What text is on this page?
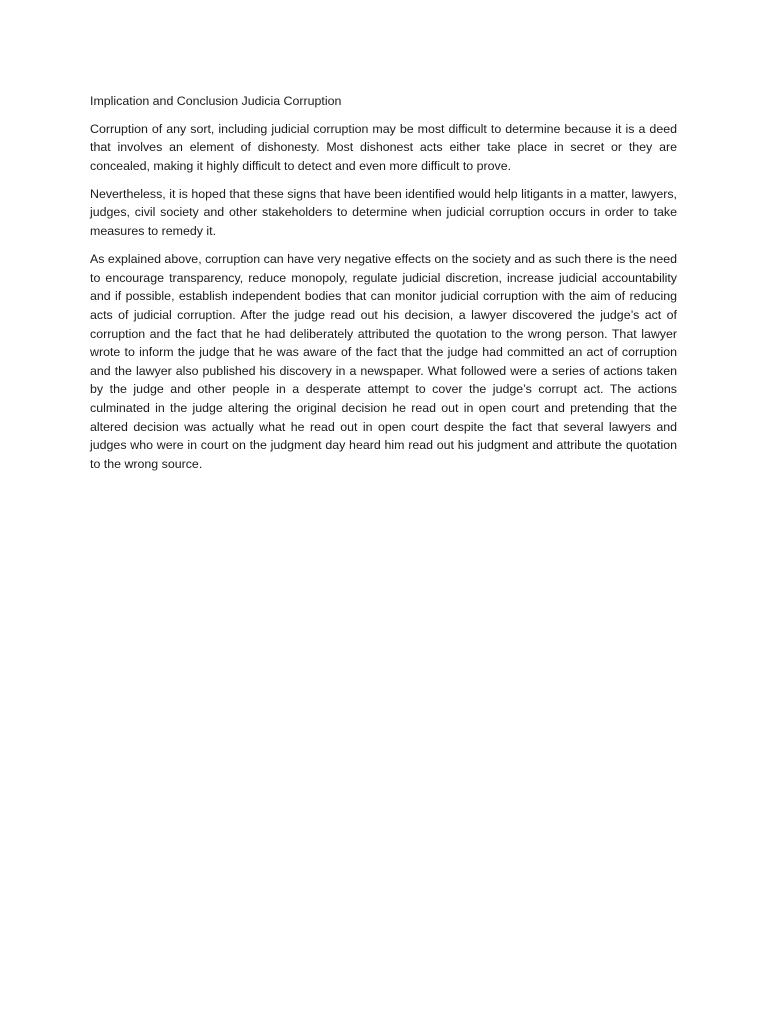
Implication and Conclusion Judicia Corruption

Corruption of any sort, including judicial corruption may be most difficult to determine because it is a deed that involves an element of dishonesty. Most dishonest acts either take place in secret or they are concealed, making it highly difficult to detect and even more difficult to prove.

Nevertheless, it is hoped that these signs that have been identified would help litigants in a matter, lawyers, judges, civil society and other stakeholders to determine when judicial corruption occurs in order to take measures to remedy it.

As explained above, corruption can have very negative effects on the society and as such there is the need to encourage transparency, reduce monopoly, regulate judicial discretion, increase judicial accountability and if possible, establish independent bodies that can monitor judicial corruption with the aim of reducing acts of judicial corruption. After the judge read out his decision, a lawyer discovered the judge’s act of corruption and the fact that he had deliberately attributed the quotation to the wrong person. That lawyer wrote to inform the judge that he was aware of the fact that the judge had committed an act of corruption and the lawyer also published his discovery in a newspaper. What followed were a series of actions taken by the judge and other people in a desperate attempt to cover the judge’s corrupt act. The actions culminated in the judge altering the original decision he read out in open court and pretending that the altered decision was actually what he read out in open court despite the fact that several lawyers and judges who were in court on the judgment day heard him read out his judgment and attribute the quotation to the wrong source.
